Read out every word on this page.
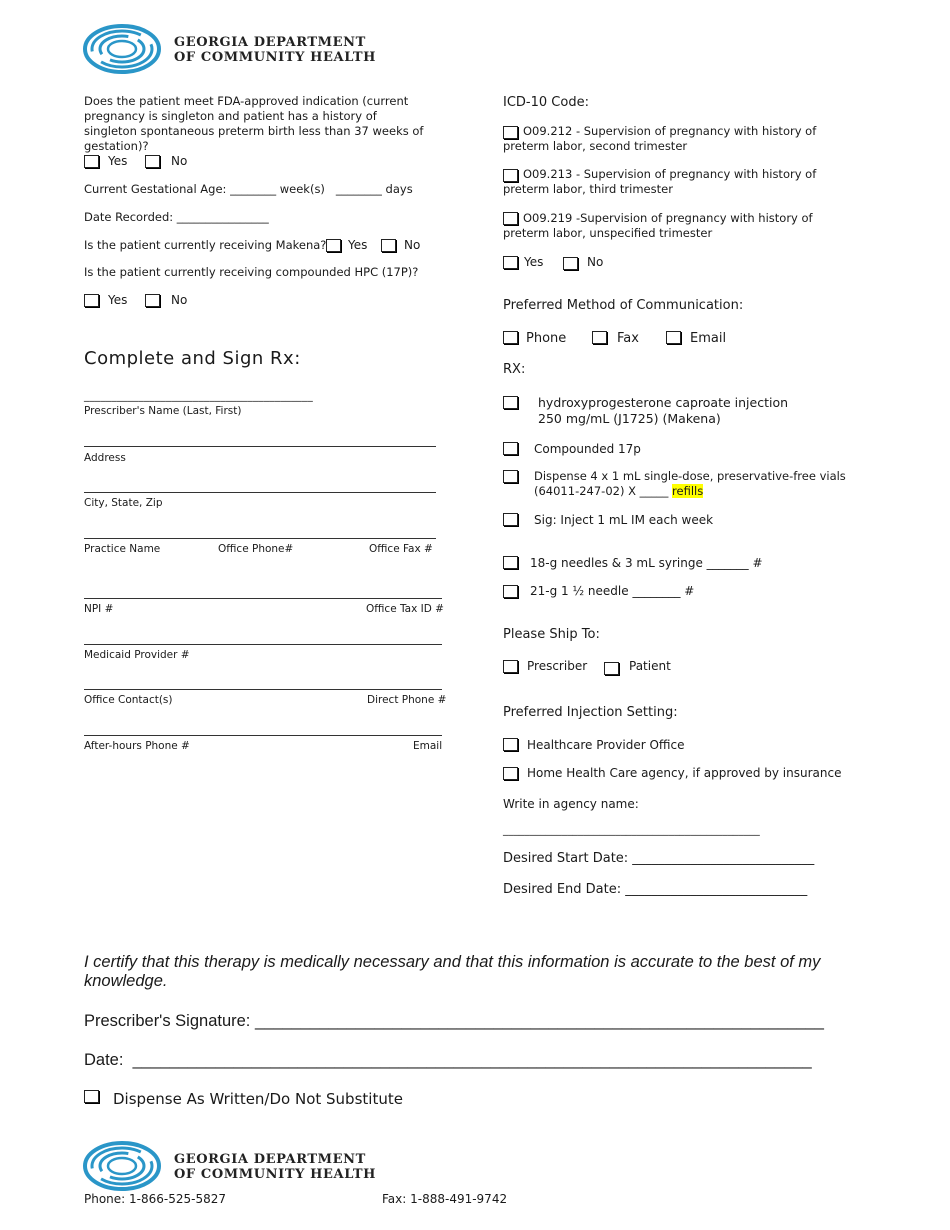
GEORGIA DEPARTMENT
OF COMMUNITY HEALTH
Does the patient meet FDA-approved indication (current pregnancy is singleton and patient has a history of singleton spontaneous preterm birth less than 37 weeks of gestation)?
Yes	No
Current Gestational Age: ________ week(s)   ________ days
Date Recorded: ________________
Is the patient currently receiving Makena? Yes	No
Is the patient currently receiving compounded HPC (17P)?
Yes	No
Complete and Sign Rx:
__________________________________________
Prescriber's Name (Last, First)
Address
City, State, Zip
Practice Name	Office Phone#	Office Fax #
NPI #	Office Tax ID #
Medicaid Provider #
Office Contact(s)	Direct Phone #
After-hours Phone #	Email
ICD-10 Code:
O09.212 - Supervision of pregnancy with history of preterm labor, second trimester
O09.213 - Supervision of pregnancy with history of preterm labor, third trimester
O09.219 -Supervision of pregnancy with history of preterm labor, unspecified trimester
Yes	No
Preferred Method of Communication:
Phone	Fax	Email
RX:
hydroxyprogesterone caproate injection
250 mg/mL (J1725) (Makena)
Compounded 17p
Dispense 4 x 1 mL single-dose, preservative-free vials
(64011-247-02) X _____ refills
Sig: Inject 1 mL IM each week
18-g needles & 3 mL syringe _______ #
21-g 1 ½ needle ________ #
Please Ship To:
Prescriber	Patient
Preferred Injection Setting:
Healthcare Provider Office
Home Health Care agency, if approved by insurance
Write in agency name:
________________________________________________
Desired Start Date: ____________________________
Desired End Date: ____________________________
I certify that this therapy is medically necessary and that this information is accurate to the best of my knowledge.
Prescriber's Signature: ______________________________________________________________
Date:  __________________________________________________________________________
Dispense As Written/Do Not Substitute
GEORGIA DEPARTMENT
OF COMMUNITY HEALTH
Phone: 1-866-525-5827	Fax: 1-888-491-9742
